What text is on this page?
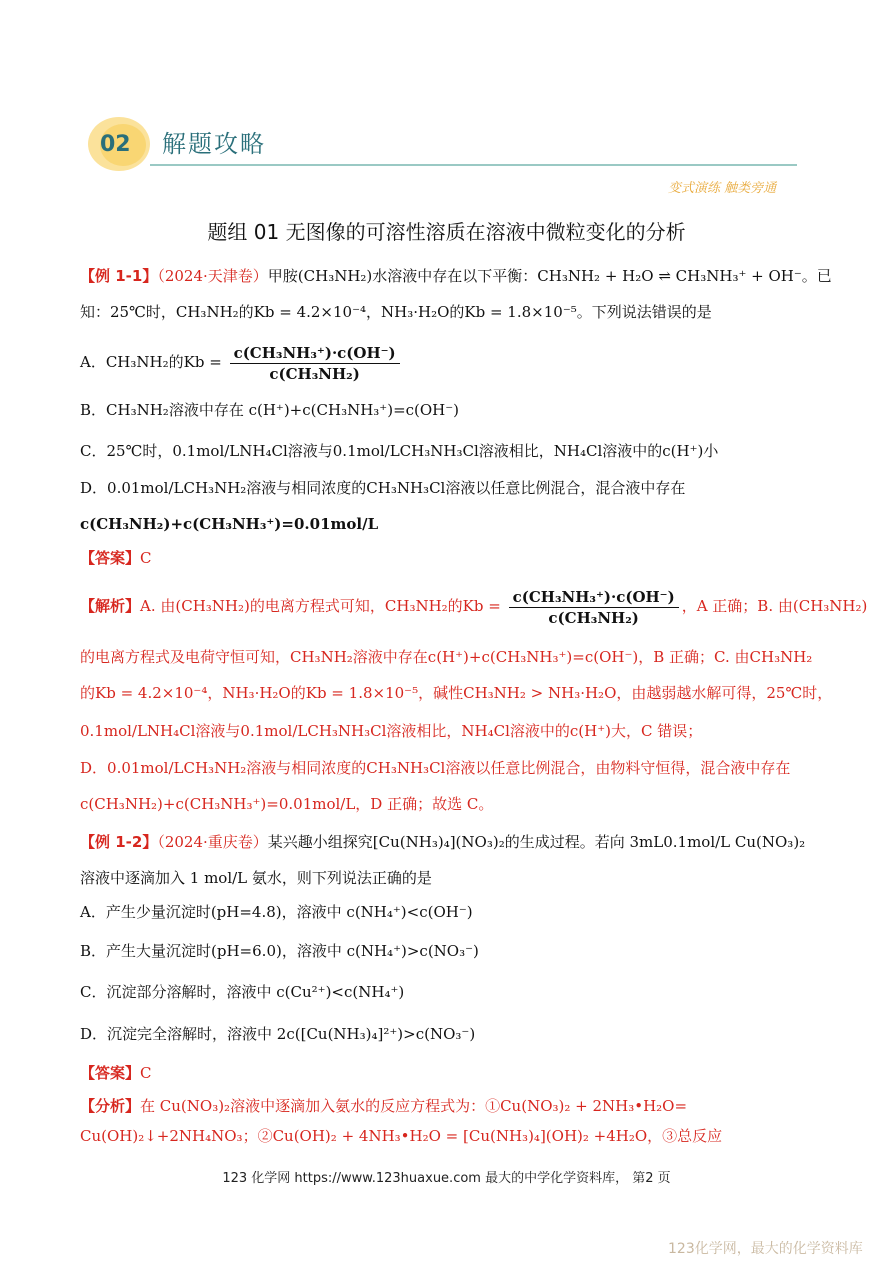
02 解题攻略
变式演练 触类旁通
题组 01 无图像的可溶性溶质在溶液中微粒变化的分析
【例 1-1】（2024·天津卷）甲胺(CH₃NH₂)水溶液中存在以下平衡：CH₃NH₂ + H₂O ⇌ CH₃NH₃⁺ + OH⁻。已
知：25℃时，CH₃NH₂的Kb = 4.2×10⁻⁴，NH₃·H₂O的Kb = 1.8×10⁻⁵。下列说法错误的是
A．CH₃NH₂的$Kb = \frac{\text{c(CH₃NH₃⁺)·c(OH⁻)}}{\text{c(CH₃NH₂)}}$
B．CH₃NH₂溶液中存在 c(H⁺)+c(CH₃NH₃⁺)=c(OH⁻)
C．25℃时，0.1mol/LNH₄Cl溶液与0.1mol/LCH₃NH₃Cl溶液相比，NH₄Cl溶液中的c(H⁺)小
D．0.01mol/LCH₃NH₂溶液与相同浓度的CH₃NH₃Cl溶液以任意比例混合，混合液中存在
c(CH₃NH₂)+c(CH₃NH₃⁺)=0.01mol/L
【答案】C
【解析】A. 由(CH₃NH₂)的电离方程式可知，CH₃NH₂的$Kb = \frac{\text{c(CH₃NH₃⁺)·c(OH⁻)}}{\text{c(CH₃NH₂)}}$ ，A 正确；B. 由(CH₃NH₂)
的电离方程式及电荷守恒可知，CH₃NH₂溶液中存在c(H⁺)+c(CH₃NH₃⁺)=c(OH⁻)，B 正确；C. 由CH₃NH₂
的Kb = 4.2×10⁻⁴，NH₃·H₂O的Kb = 1.8×10⁻⁵，碱性CH₃NH₂ > NH₃·H₂O，由越弱越水解可得，25℃时，
0.1mol/LNH₄Cl溶液与0.1mol/LCH₃NH₃Cl溶液相比，NH₄Cl溶液中的c(H⁺)大，C 错误；
D．0.01mol/LCH₃NH₂溶液与相同浓度的CH₃NH₃Cl溶液以任意比例混合，由物料守恒得，混合液中存在
c(CH₃NH₂)+c(CH₃NH₃⁺)=0.01mol/L，D 正确；故选 C。
【例 1-2】（2024·重庆卷）某兴趣小组探究[Cu(NH₃)₄](NO₃)₂的生成过程。若向 3mL0.1mol/L Cu(NO₃)₂
溶液中逐滴加入 1 mol/L 氨水，则下列说法正确的是
A．产生少量沉淀时(pH=4.8)，溶液中 c(NH₄⁺)<c(OH⁻)
B．产生大量沉淀时(pH=6.0)，溶液中 c(NH₄⁺)>c(NO₃⁻)
C．沉淀部分溶解时，溶液中 c(Cu²⁺)<c(NH₄⁺)
D．沉淀完全溶解时，溶液中 2c([Cu(NH₃)₄]²⁺)>c(NO₃⁻)
【答案】C
【分析】在 Cu(NO₃)₂溶液中逐滴加入氨水的反应方程式为：①Cu(NO₃)₂ + 2NH₃•H₂O=
Cu(OH)₂↓+2NH₄NO₃；②Cu(OH)₂ + 4NH₃•H₂O = [Cu(NH₃)₄](OH)₂ +4H₂O，③总反应
123 化学网 https://www.123huaxue.com 最大的中学化学资料库， 第2 页
123化学网，最大的化学资料库
